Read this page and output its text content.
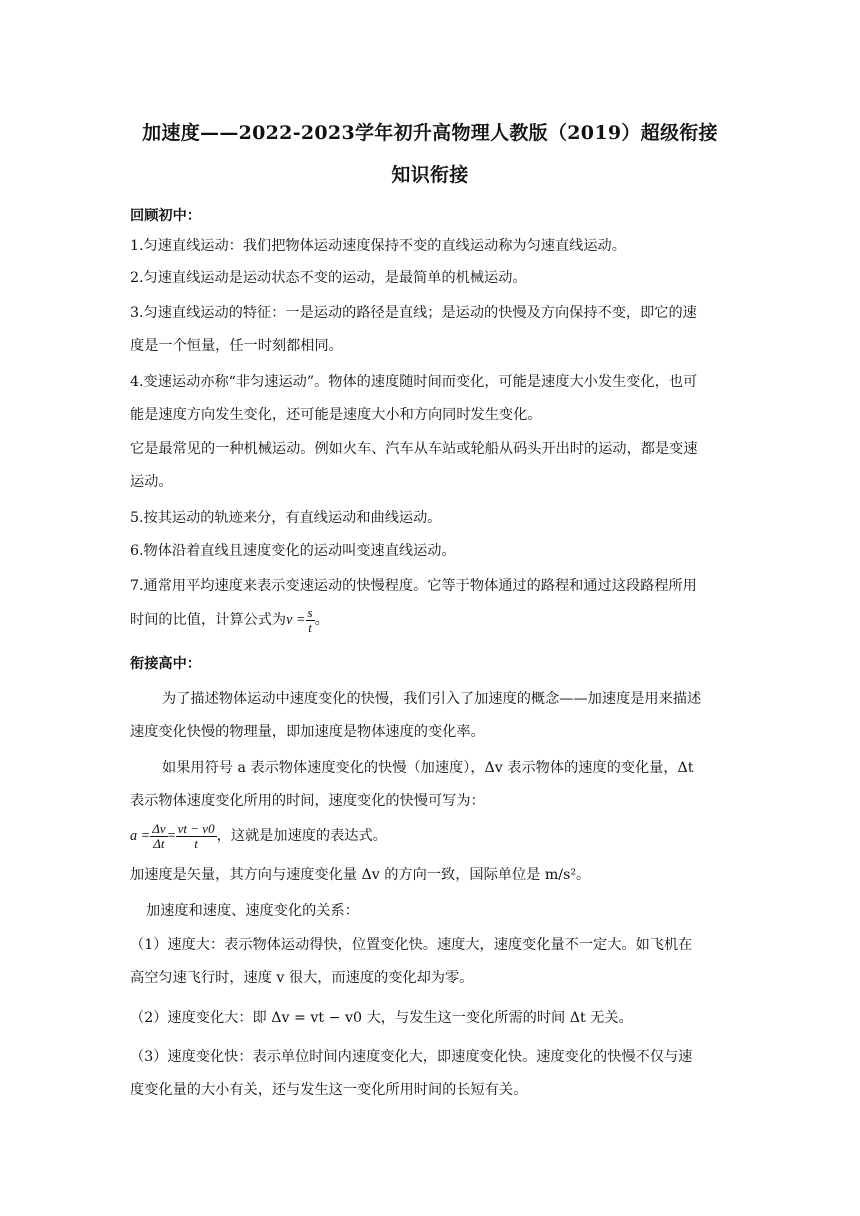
加速度——2022-2023学年初升高物理人教版（2019）超级衔接
知识衔接
回顾初中：
1.匀速直线运动：我们把物体运动速度保持不变的直线运动称为匀速直线运动。
2.匀速直线运动是运动状态不变的运动，是最简单的机械运动。
3.匀速直线运动的特征：一是运动的路径是直线；是运动的快慢及方向保持不变，即它的速
度是一个恒量，任一时刻都相同。
4.变速运动亦称“非匀速运动”。物体的速度随时间而变化，可能是速度大小发生变化，也可
能是速度方向发生变化，还可能是速度大小和方向同时发生变化。
它是最常见的一种机械运动。例如火车、汽车从车站或轮船从码头开出时的运动，都是变速
运动。
5.按其运动的轨迹来分，有直线运动和曲线运动。
6.物体沿着直线且速度变化的运动叫变速直线运动。
7.通常用平均速度来表示变速运动的快慢程度。它等于物体通过的路程和通过这段路程所用
时间的比值，计算公式为$v = \frac{s}{t}$ 。
衔接高中：
为了描述物体运动中速度变化的快慢，我们引入了加速度的概念——加速度是用来描述
速度变化快慢的物理量，即加速度是物体速度的变化率。
如果用符号 a 表示物体速度变化的快慢（加速度），Δv 表示物体的速度的变化量，Δt
表示物体速度变化所用的时间，速度变化的快慢可写为：
$a = \frac{\Delta v}{\Delta t} = \frac{vt - v0}{t}$ ，这就是加速度的表达式。
加速度是矢量，其方向与速度变化量 Δv 的方向一致，国际单位是 m/s²。
加速度和速度、速度变化的关系：
（1）速度大：表示物体运动得快，位置变化快。速度大，速度变化量不一定大。如飞机在
高空匀速飞行时，速度 v 很大，而速度的变化却为零。
（2）速度变化大：即 Δv = vt − v0 大，与发生这一变化所需的时间 Δt 无关。
（3）速度变化快：表示单位时间内速度变化大，即速度变化快。速度变化的快慢不仅与速
度变化量的大小有关，还与发生这一变化所用时间的长短有关。
